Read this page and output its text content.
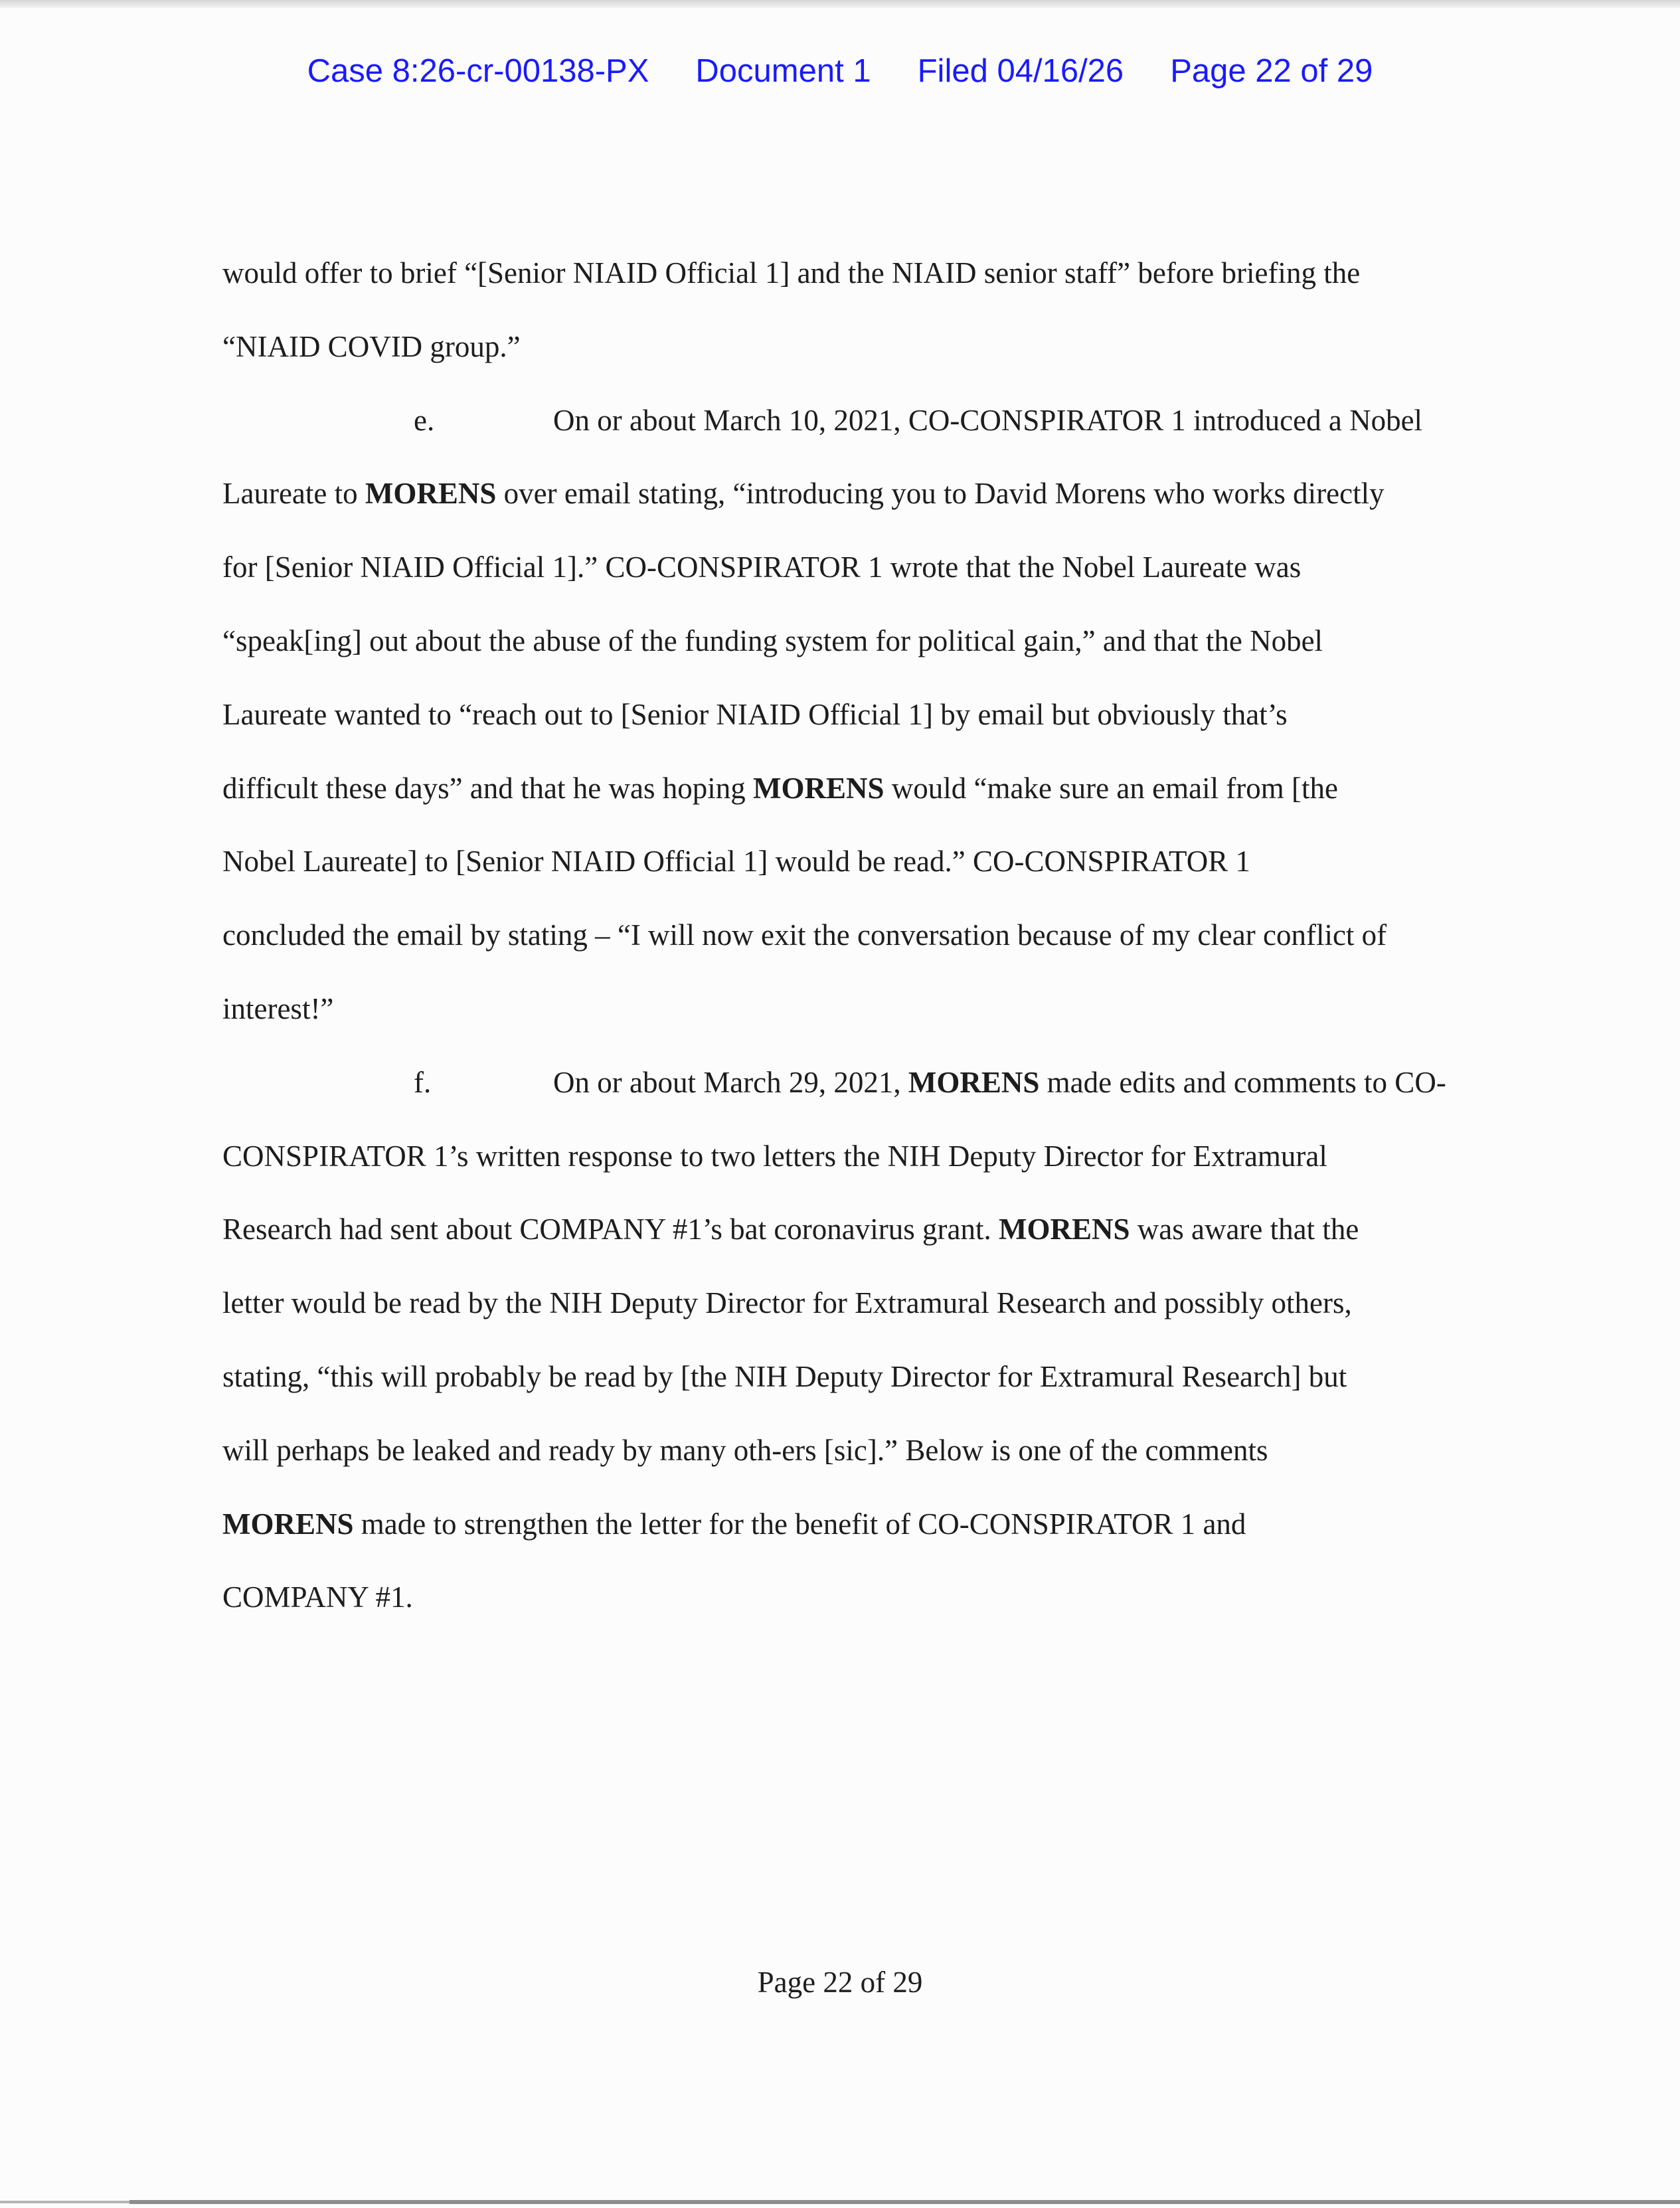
Case 8:26-cr-00138-PX Document 1 Filed 04/16/26 Page 22 of 29
would offer to brief “[Senior NIAID Official 1] and the NIAID senior staff” before briefing the
“NIAID COVID group.”
e.	On or about March 10, 2021, CO-CONSPIRATOR 1 introduced a Nobel
Laureate to MORENS over email stating, “introducing you to David Morens who works directly
for [Senior NIAID Official 1].” CO-CONSPIRATOR 1 wrote that the Nobel Laureate was
“speak[ing] out about the abuse of the funding system for political gain,” and that the Nobel
Laureate wanted to “reach out to [Senior NIAID Official 1] by email but obviously that’s
difficult these days” and that he was hoping MORENS would “make sure an email from [the
Nobel Laureate] to [Senior NIAID Official 1] would be read.” CO-CONSPIRATOR 1
concluded the email by stating – “I will now exit the conversation because of my clear conflict of
interest!”
f.	On or about March 29, 2021, MORENS made edits and comments to CO-
CONSPIRATOR 1’s written response to two letters the NIH Deputy Director for Extramural
Research had sent about COMPANY #1’s bat coronavirus grant. MORENS was aware that the
letter would be read by the NIH Deputy Director for Extramural Research and possibly others,
stating, “this will probably be read by [the NIH Deputy Director for Extramural Research] but
will perhaps be leaked and ready by many oth-ers [sic].” Below is one of the comments
MORENS made to strengthen the letter for the benefit of CO-CONSPIRATOR 1 and
COMPANY #1.
Page 22 of 29
